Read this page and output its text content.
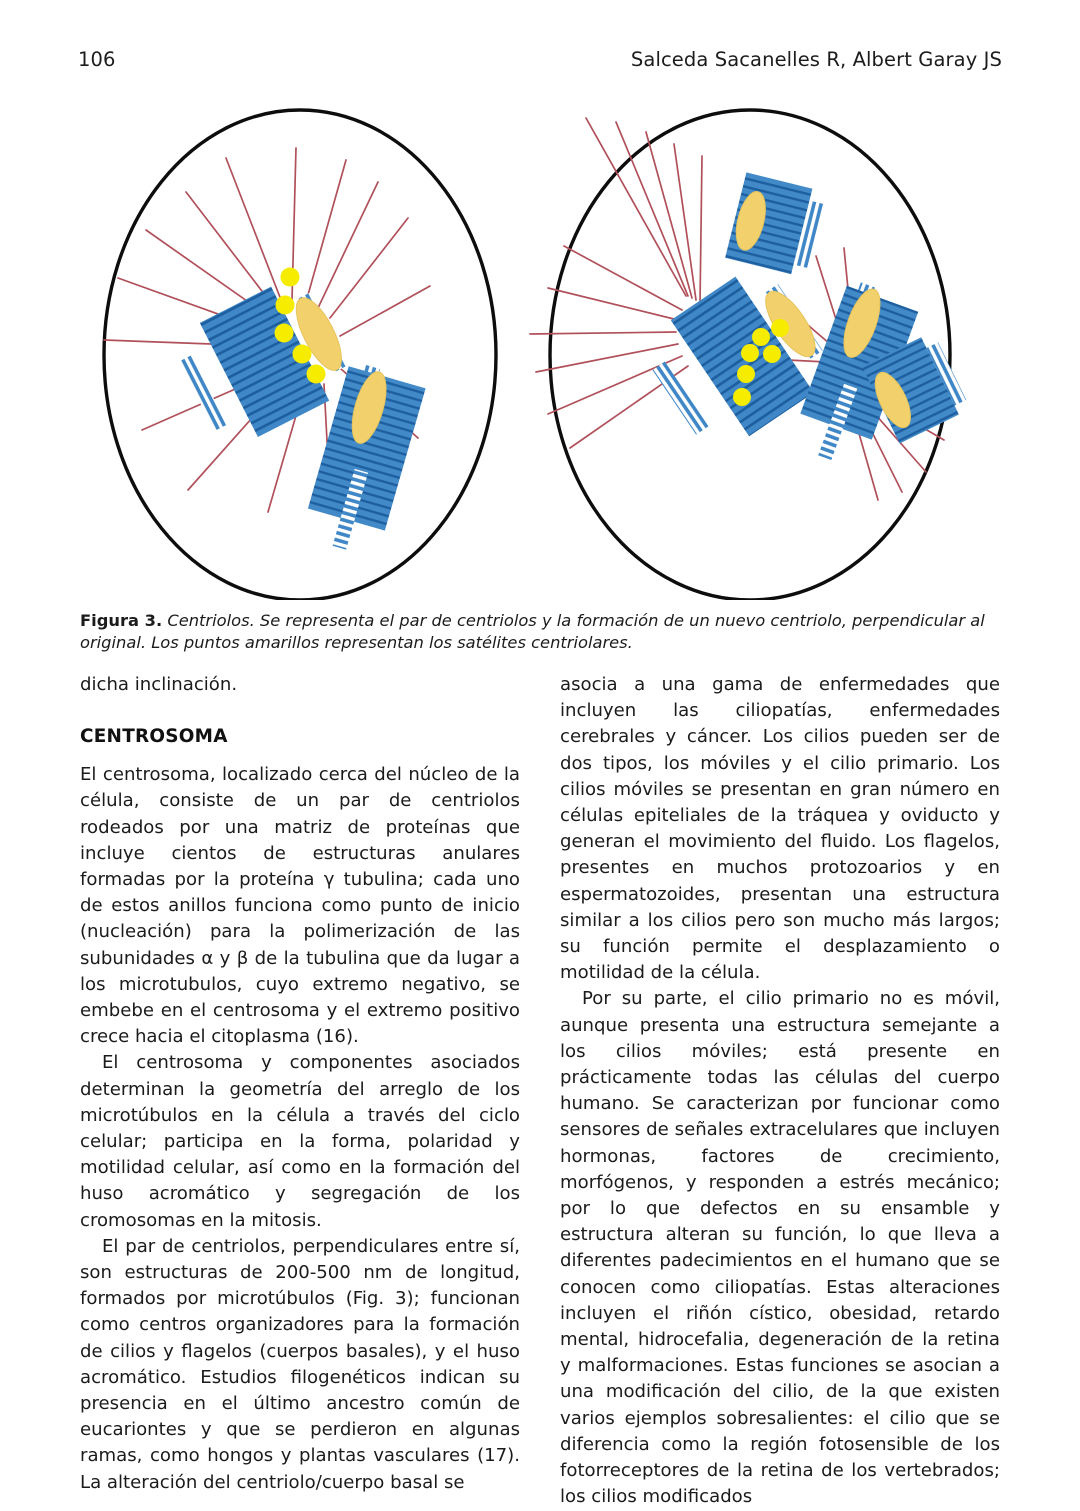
106	Salceda Sacanelles R, Albert Garay JS
Figura 3. Centriolos. Se representa el par de centriolos y la formación de un nuevo centriolo, perpendicular al original. Los puntos amarillos representan los satélites centriolares.

dicha inclinación.

CENTROSOMA

El centrosoma, localizado cerca del núcleo de la célula, consiste de un par de centriolos rodeados por una matriz de proteínas que incluye cientos de estructuras anulares formadas por la proteína γ tubulina; cada uno de estos anillos funciona como punto de inicio (nucleación) para la polimerización de las subunidades α y β de la tubulina que da lugar a los microtubulos, cuyo extremo negativo, se embebe en el centrosoma y el extremo positivo crece hacia el citoplasma (16).

El centrosoma y componentes asociados determinan la geometría del arreglo de los microtúbulos en la célula a través del ciclo celular; participa en la forma, polaridad y motilidad celular, así como en la formación del huso acromático y segregación de los cromosomas en la mitosis.

El par de centriolos, perpendiculares entre sí, son estructuras de 200-500 nm de longitud, formados por microtúbulos (Fig. 3); funcionan como centros organizadores para la formación de cilios y flagelos (cuerpos basales), y el huso acromático. Estudios filogenéticos indican su presencia en el último ancestro común de eucariontes y que se perdieron en algunas ramas, como hongos y plantas vasculares (17). La alteración del centriolo/cuerpo basal se

asocia a una gama de enfermedades que incluyen las ciliopatías, enfermedades cerebrales y cáncer. Los cilios pueden ser de dos tipos, los móviles y el cilio primario. Los cilios móviles se presentan en gran número en células epiteliales de la tráquea y oviducto y generan el movimiento del fluido. Los flagelos, presentes en muchos protozoarios y en espermatozoides, presentan una estructura similar a los cilios pero son mucho más largos; su función permite el desplazamiento o motilidad de la célula.

Por su parte, el cilio primario no es móvil, aunque presenta una estructura semejante a los cilios móviles; está presente en prácticamente todas las células del cuerpo humano. Se caracterizan por funcionar como sensores de señales extracelulares que incluyen hormonas, factores de crecimiento, morfógenos, y responden a estrés mecánico; por lo que defectos en su ensamble y estructura alteran su función, lo que lleva a diferentes padecimientos en el humano que se conocen como ciliopatías. Estas alteraciones incluyen el riñón cístico, obesidad, retardo mental, hidrocefalia, degeneración de la retina y malformaciones. Estas funciones se asocian a una modificación del cilio, de la que existen varios ejemplos sobresalientes: el cilio que se diferencia como la región fotosensible de los fotorreceptores de la retina de los vertebrados; los cilios modificados
